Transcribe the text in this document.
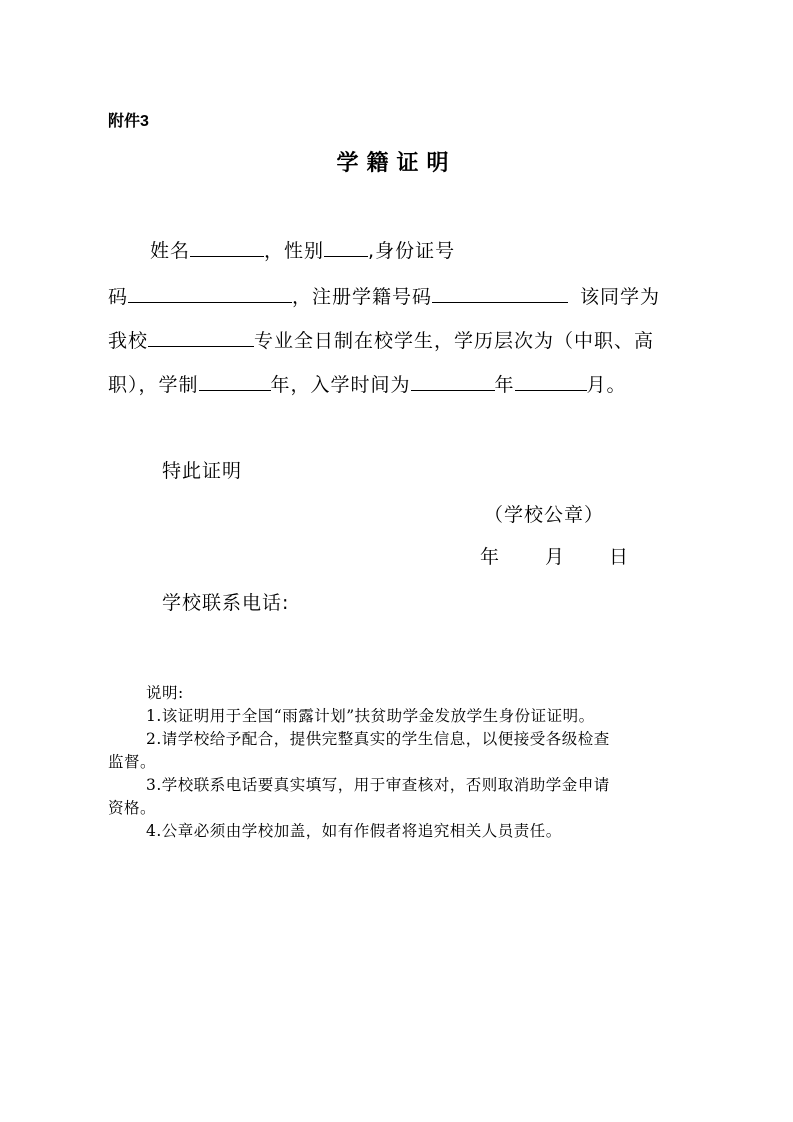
附件3
学籍证明
姓名	，性别 ,身份证号
码	，注册学籍号码	该同学为
我校	专业全日制在校学生，学历层次为（中职、高
职），学制	年，入学时间为	年	月。
特此证明
（学校公章）
年 月 日
学校联系电话:
说明:
1.该证明用于全国“雨露计划”扶贫助学金发放学生身份证证明。
2.请学校给予配合，提供完整真实的学生信息，以便接受各级检查
监督。
3.学校联系电话要真实填写，用于审查核对，否则取消助学金申请
资格。
4.公章必须由学校加盖，如有作假者将追究相关人员责任。
